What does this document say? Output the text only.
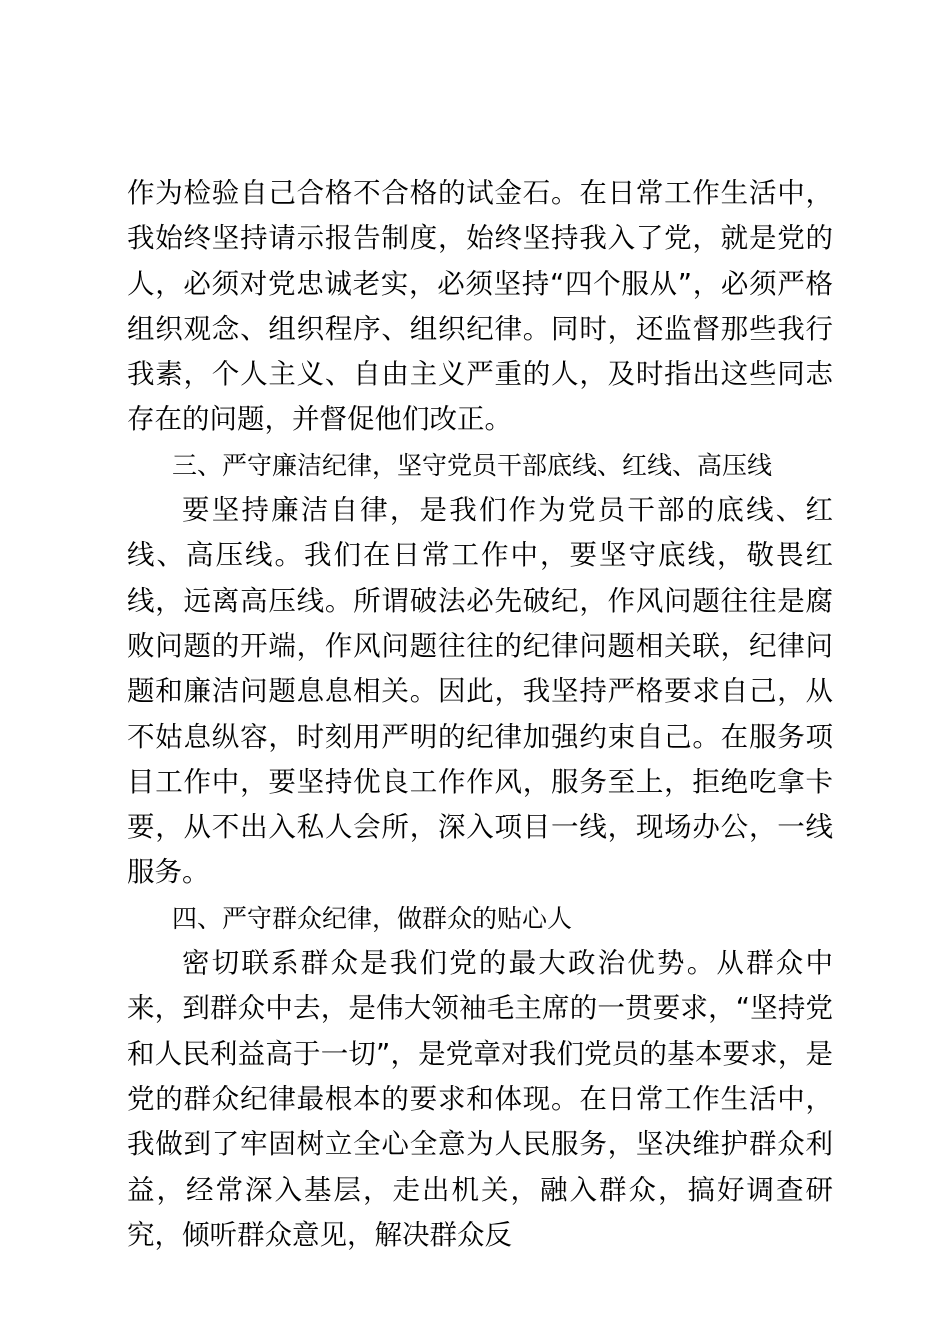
作为检验自己合格不合格的试金石。在日常工作生活中，我始终坚持请示报告制度，始终坚持我入了党，就是党的人，必须对党忠诚老实，必须坚持“四个服从”，必须严格组织观念、组织程序、组织纪律。同时，还监督那些我行我素，个人主义、自由主义严重的人，及时指出这些同志存在的问题，并督促他们改正。

三、严守廉洁纪律，坚守党员干部底线、红线、高压线

要坚持廉洁自律，是我们作为党员干部的底线、红线、高压线。我们在日常工作中，要坚守底线，敬畏红线，远离高压线。所谓破法必先破纪，作风问题往往是腐败问题的开端，作风问题往往的纪律问题相关联，纪律问题和廉洁问题息息相关。因此，我坚持严格要求自己，从不姑息纵容，时刻用严明的纪律加强约束自己。在服务项目工作中，要坚持优良工作作风，服务至上，拒绝吃拿卡要，从不出入私人会所，深入项目一线，现场办公，一线服务。

四、严守群众纪律，做群众的贴心人

密切联系群众是我们党的最大政治优势。从群众中来，到群众中去，是伟大领袖毛主席的一贯要求，“坚持党和人民利益高于一切”，是党章对我们党员的基本要求，是党的群众纪律最根本的要求和体现。在日常工作生活中，我做到了牢固树立全心全意为人民服务，坚决维护群众利益，经常深入基层，走出机关，融入群众，搞好调查研究，倾听群众意见，解决群众反
